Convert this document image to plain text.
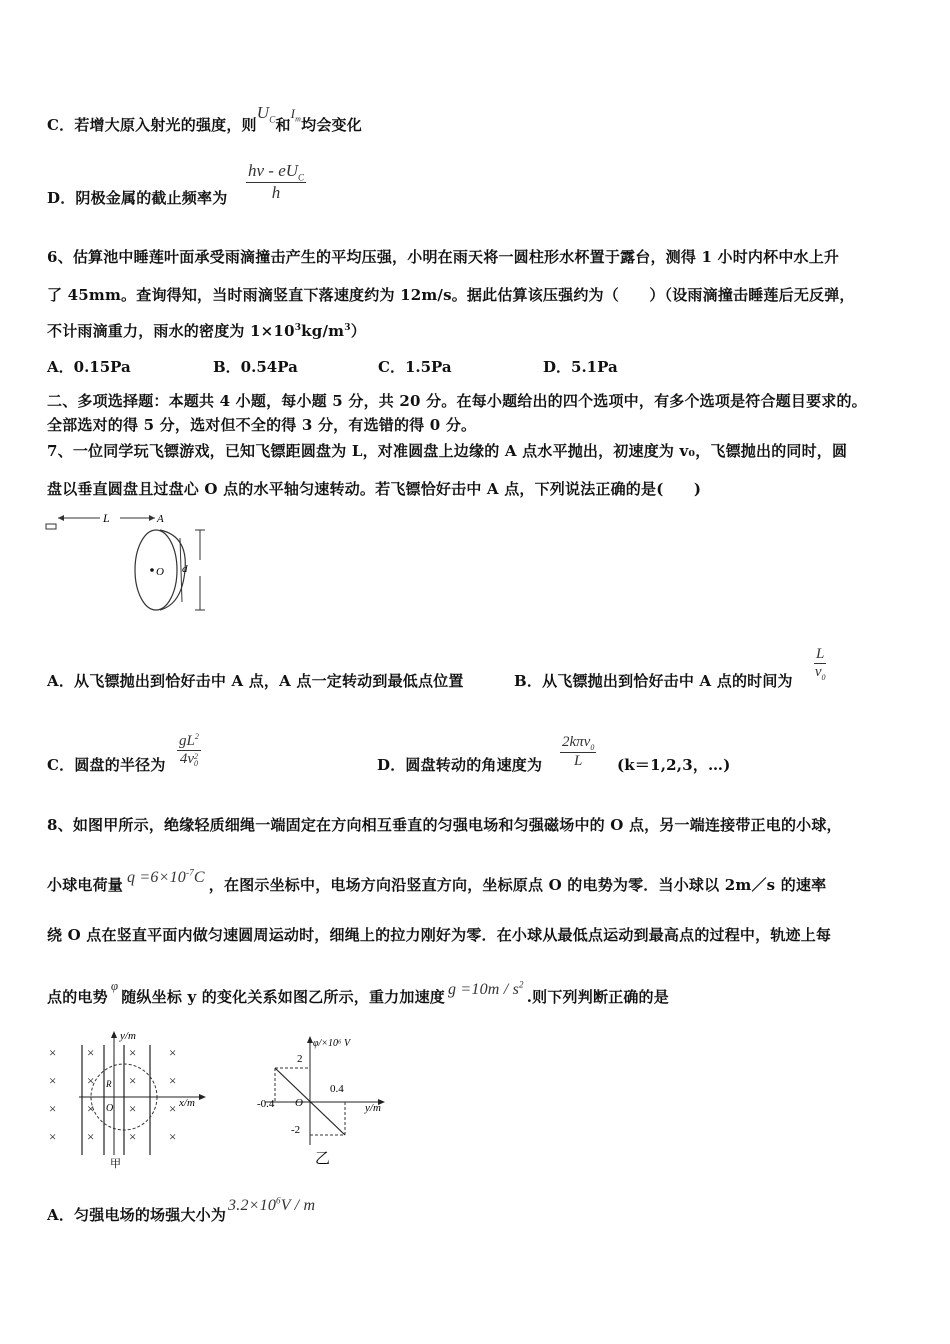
C．若增大原入射光的强度，则$U_C$和$I_m$均会变化
D．阴极金属的截止频率为
hν - $eU_C$
h
6、估算池中睡莲叶面承受雨滴撞击产生的平均压强，小明在雨天将一圆柱形水杯置于露台，测得 1 小时内杯中水上升
了 45mm。查询得知，当时雨滴竖直下落速度约为 12m/s。据此估算该压强约为（　　）（设雨滴撞击睡莲后无反弹，
不计雨滴重力，雨水的密度为 $1\times 10^3kg/m^3$）
A．0.15Pa	B．0.54Pa	C．1.5Pa	D．5.1Pa
二、多项选择题：本题共 4 小题，每小题 5 分，共 20 分。在每小题给出的四个选项中，有多个选项是符合题目要求的。
全部选对的得 5 分，选对但不全的得 3 分，有选错的得 0 分。
7、一位同学玩飞镖游戏，已知飞镖距圆盘为 L，对准圆盘上边缘的 A 点水平抛出，初速度为 v₀，飞镖抛出的同时，圆
盘以垂直圆盘且过盘心 O 点的水平轴匀速转动。若飞镖恰好击中 A 点，下列说法正确的是(　　)
L	A
O d
A．从飞镖抛出到恰好击中 A 点，A 点一定转动到最低点位置	B．从飞镖抛出到恰好击中 A 点的时间为 $\frac{L}{v_0}$
C．圆盘的半径为 $gL^2$
4v 2
0	D．圆盘转动的角速度为
2kπv$_0$
L	(k＝1,2,3，…)
8、如图甲所示，绝缘轻质细绳一端固定在方向相互垂直的匀强电场和匀强磁场中的 O 点，另一端连接带正电的小球，
小球电荷量 $q =6\times 10^{-7}C$ ，在图示坐标中，电场方向沿竖直方向，坐标原点 O 的电势为零．当小球以 2m／s 的速率
绕 O 点在竖直平面内做匀速圆周运动时，细绳上的拉力刚好为零．在小球从最低点运动到最高点的过程中，轨迹上每
点的电势φ随纵坐标 y 的变化关系如图乙所示，重力加速度 $g =10m / s^2$.则下列判断正确的是
×
×
×
×
×
×
×
×
×
×
×
×
×
×
×
×
y/m
x/m
R
O
甲
φ/×10⁶ V
2
-2
0.4
-0.4 O	y/m
乙
A．匀强电场的场强大小为$3.2\times 10^6V / m$
